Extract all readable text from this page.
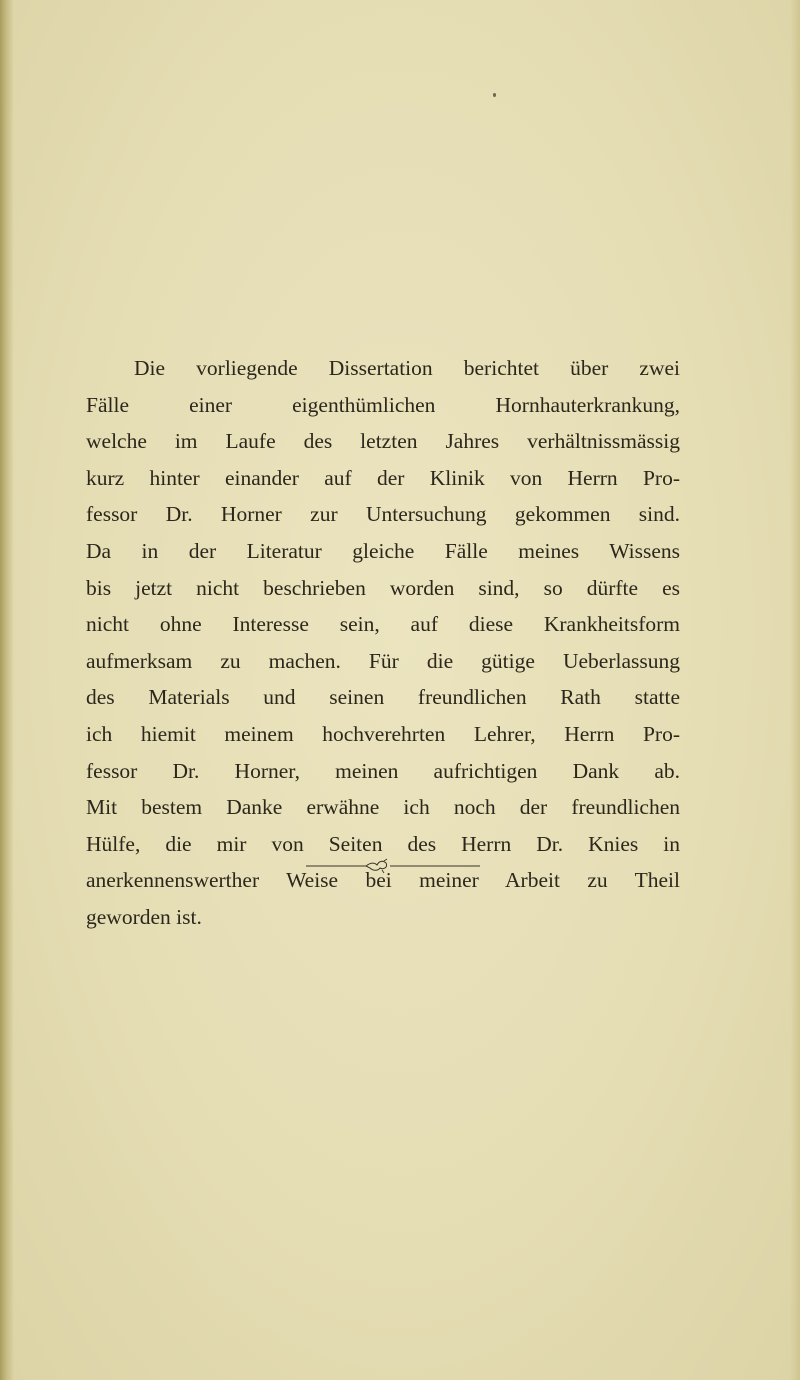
Die vorliegende Dissertation berichtet über zwei
Fälle einer eigenthümlichen Hornhauterkrankung,
welche im Laufe des letzten Jahres verhältnissmässig
kurz hinter einander auf der Klinik von Herrn Pro-
fessor Dr. Horner zur Untersuchung gekommen sind.
Da in der Literatur gleiche Fälle meines Wissens
bis jetzt nicht beschrieben worden sind, so dürfte es
nicht ohne Interesse sein, auf diese Krankheitsform
aufmerksam zu machen. Für die gütige Ueberlassung
des Materials und seinen freundlichen Rath statte
ich hiemit meinem hochverehrten Lehrer, Herrn Pro-
fessor Dr. Horner, meinen aufrichtigen Dank ab.
Mit bestem Danke erwähne ich noch der freundlichen
Hülfe, die mir von Seiten des Herrn Dr. Knies in
anerkennenswerther Weise bei meiner Arbeit zu Theil
geworden ist.
